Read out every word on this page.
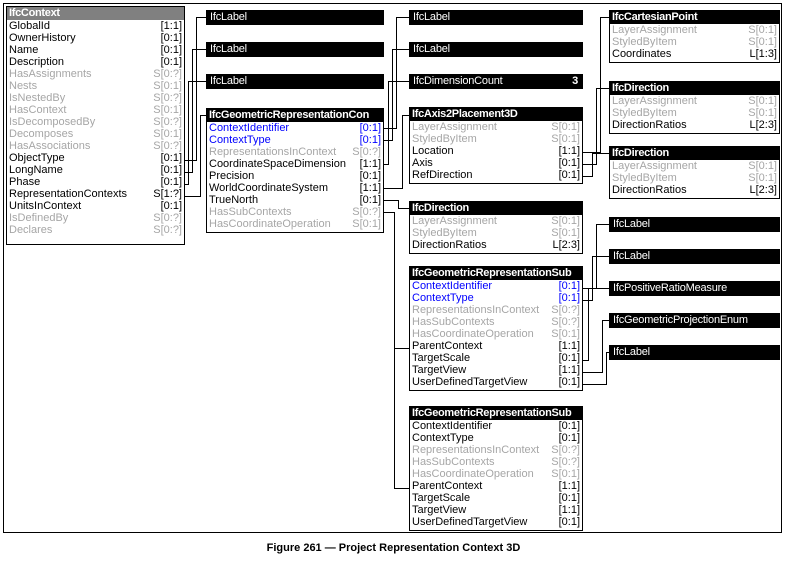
IfcContext
GlobalId	[1:1]
OwnerHistory	[0:1]
Name	[0:1]
Description	[0:1]
HasAssignments	S[0:?]
Nests	S[0:1]
IsNestedBy	S[0:?]
HasContext	S[0:1]
IsDecomposedBy	S[0:?]
Decomposes	S[0:1]
HasAssociations	S[0:?]
ObjectType	[0:1]
LongName	[0:1]
Phase	[0:1]
RepresentationContexts S[1:?]
UnitsInContext	[0:1]
IsDefinedBy	S[0:?]
Declares	S[0:?]
IfcLabel
IfcLabel
IfcLabel
IfcGeometricRepresentationCon
ContextIdentifier	[0:1]
ContextType	[0:1]
RepresentationsInContext S[0:?]
CoordinateSpaceDimension [1:1]
Precision	[0:1]
WorldCoordinateSystem	[1:1]
TrueNorth	[0:1]
HasSubContexts	S[0:?]
HasCoordinateOperation S[0:1]
IfcLabel
IfcLabel
IfcDimensionCount	3
IfcAxis2Placement3D
LayerAssignment	S[0:1]
StyledByItem	S[0:1]
Location	[1:1]
Axis	[0:1]
RefDirection	[0:1]
IfcDirection
LayerAssignment	S[0:1]
StyledByItem	S[0:1]
DirectionRatios	L[2:3]
IfcGeometricRepresentationSub
ContextIdentifier	[0:1]
ContextType	[0:1]
RepresentationsInContext S[0:?]
HasSubContexts	S[0:?]
HasCoordinateOperation S[0:1]
ParentContext	[1:1]
TargetScale	[0:1]
TargetView	[1:1]
UserDefinedTargetView	[0:1]
IfcGeometricRepresentationSub
ContextIdentifier	[0:1]
ContextType	[0:1]
RepresentationsInContext S[0:?]
HasSubContexts	S[0:?]
HasCoordinateOperation S[0:1]
ParentContext	[1:1]
TargetScale	[0:1]
TargetView	[1:1]
UserDefinedTargetView	[0:1]
IfcCartesianPoint
LayerAssignment	S[0:1]
StyledByItem	S[0:1]
Coordinates	L[1:3]
IfcDirection
LayerAssignment	S[0:1]
StyledByItem	S[0:1]
DirectionRatios	L[2:3]
IfcDirection
LayerAssignment	S[0:1]
StyledByItem	S[0:1]
DirectionRatios	L[2:3]
IfcLabel
IfcLabel
IfcPositiveRatioMeasure
IfcGeometricProjectionEnum
IfcLabel
Figure 261 — Project Representation Context 3D
